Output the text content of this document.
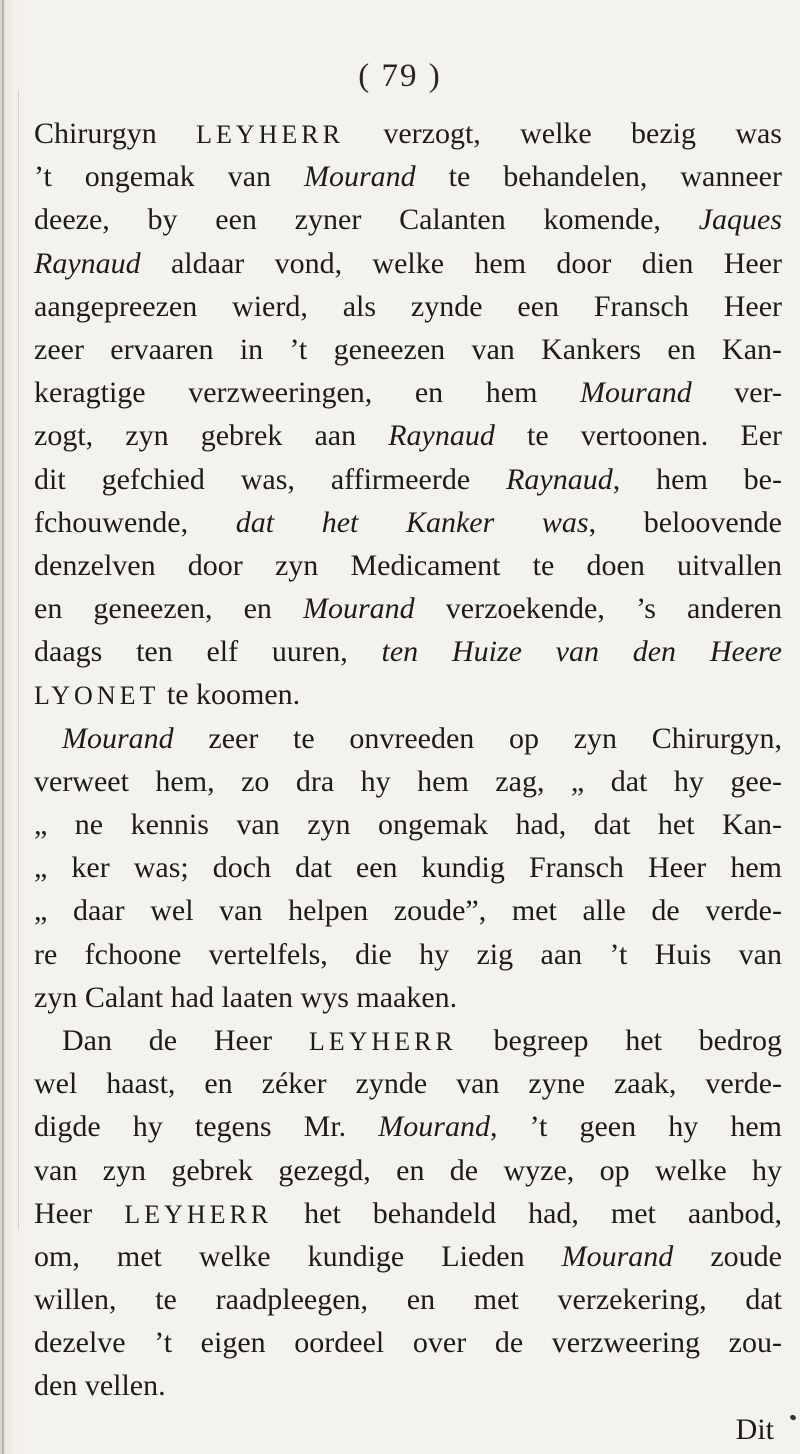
( 79 )
Chirurgyn LEYHERR verzogt, welke bezig was
’t ongemak van Mourand te behandelen, wanneer
deeze, by een zyner Calanten komende, Jaques
Raynaud aldaar vond, welke hem door dien Heer
aangepreezen wierd, als zynde een Fransch Heer
zeer ervaaren in ’t geneezen van Kankers en Kan-
keragtige verzweeringen, en hem Mourand ver-
zogt, zyn gebrek aan Raynaud te vertoonen. Eer
dit gefchied was, affirmeerde Raynaud, hem be-
fchouwende, dat het Kanker was, beloovende
denzelven door zyn Medicament te doen uitvallen
en geneezen, en Mourand verzoekende, ’s anderen
daags ten elf uuren, ten Huize van den Heere
LYONET te koomen.
Mourand zeer te onvreeden op zyn Chirurgyn,
verweet hem, zo dra hy hem zag, „ dat hy gee-
„ ne kennis van zyn ongemak had, dat het Kan-
„ ker was; doch dat een kundig Fransch Heer hem
„ daar wel van helpen zoude”, met alle de verde-
re fchoone vertelfels, die hy zig aan ’t Huis van
zyn Calant had laaten wys maaken.
Dan de Heer LEYHERR begreep het bedrog
wel haast, en zéker zynde van zyne zaak, verde-
digde hy tegens Mr. Mourand, ’t geen hy hem
van zyn gebrek gezegd, en de wyze, op welke hy
Heer LEYHERR het behandeld had, met aanbod,
om, met welke kundige Lieden Mourand zoude
willen, te raadpleegen, en met verzekering, dat
dezelve ’t eigen oordeel over de verzweering zou-
den vellen.
Dit
